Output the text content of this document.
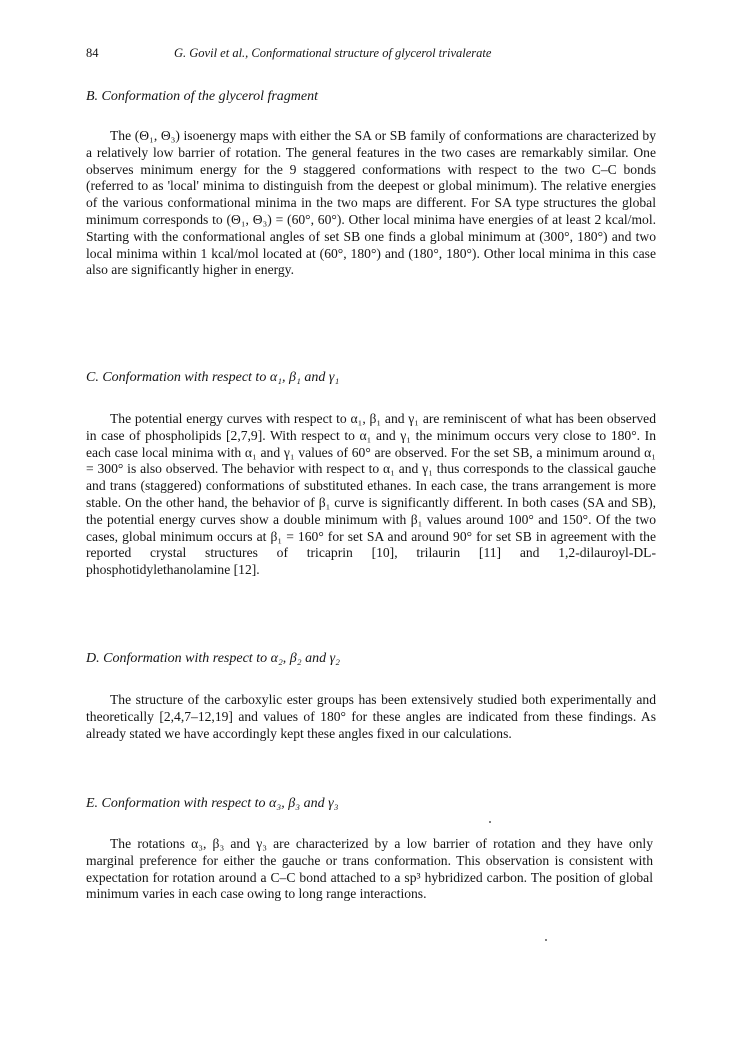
84	G. Govil et al., Conformational structure of glycerol trivalerate
B. Conformation of the glycerol fragment

The (Θ₁, Θ₃) isoenergy maps with either the SA or SB family of conformations are characterized by a relatively low barrier of rotation. The general features in the two cases are remarkably similar. One observes minimum energy for the 9 staggered conformations with respect to the two C–C bonds (referred to as 'local' minima to distinguish from the deepest or global minimum). The relative energies of the various conformational minima in the two maps are different. For SA type structures the global minimum corresponds to (Θ₁, Θ₃) = (60°, 60°). Other local minima have energies of at least 2 kcal/mol. Starting with the conformational angles of set SB one finds a global minimum at (300°, 180°) and two local minima within 1 kcal/mol located at (60°, 180°) and (180°, 180°). Other local minima in this case also are significantly higher in energy.

C. Conformation with respect to α₁, β₁ and γ₁

The potential energy curves with respect to α₁, β₁ and γ₁ are reminiscent of what has been observed in case of phospholipids [2,7,9]. With respect to α₁ and γ₁ the minimum occurs very close to 180°. In each case local minima with α₁ and γ₁ values of 60° are observed. For the set SB, a minimum around α₁ = 300° is also observed. The behavior with respect to α₁ and γ₁ thus corresponds to the classical gauche and trans (staggered) conformations of substituted ethanes. In each case, the trans arrangement is more stable. On the other hand, the behavior of β₁ curve is significantly different. In both cases (SA and SB), the potential energy curves show a double minimum with β₁ values around 100° and 150°. Of the two cases, global minimum occurs at β₁ = 160° for set SA and around 90° for set SB in agreement with the reported crystal structures of tricaprin [10], trilaurin [11] and 1,2-dilauroyl-DL-phosphotidylethanolamine [12].

D. Conformation with respect to α₂, β₂ and γ₂

The structure of the carboxylic ester groups has been extensively studied both experimentally and theoretically [2,4,7–12,19] and values of 180° for these angles are indicated from these findings. As already stated we have accordingly kept these angles fixed in our calculations.

E. Conformation with respect to α₃, β₃ and γ₃

The rotations α₃, β₃ and γ₃ are characterized by a low barrier of rotation and they have only marginal preference for either the gauche or trans conformation. This observation is consistent with expectation for rotation around a C–C bond attached to a sp³ hybridized carbon. The position of global minimum varies in each case owing to long range interactions.
